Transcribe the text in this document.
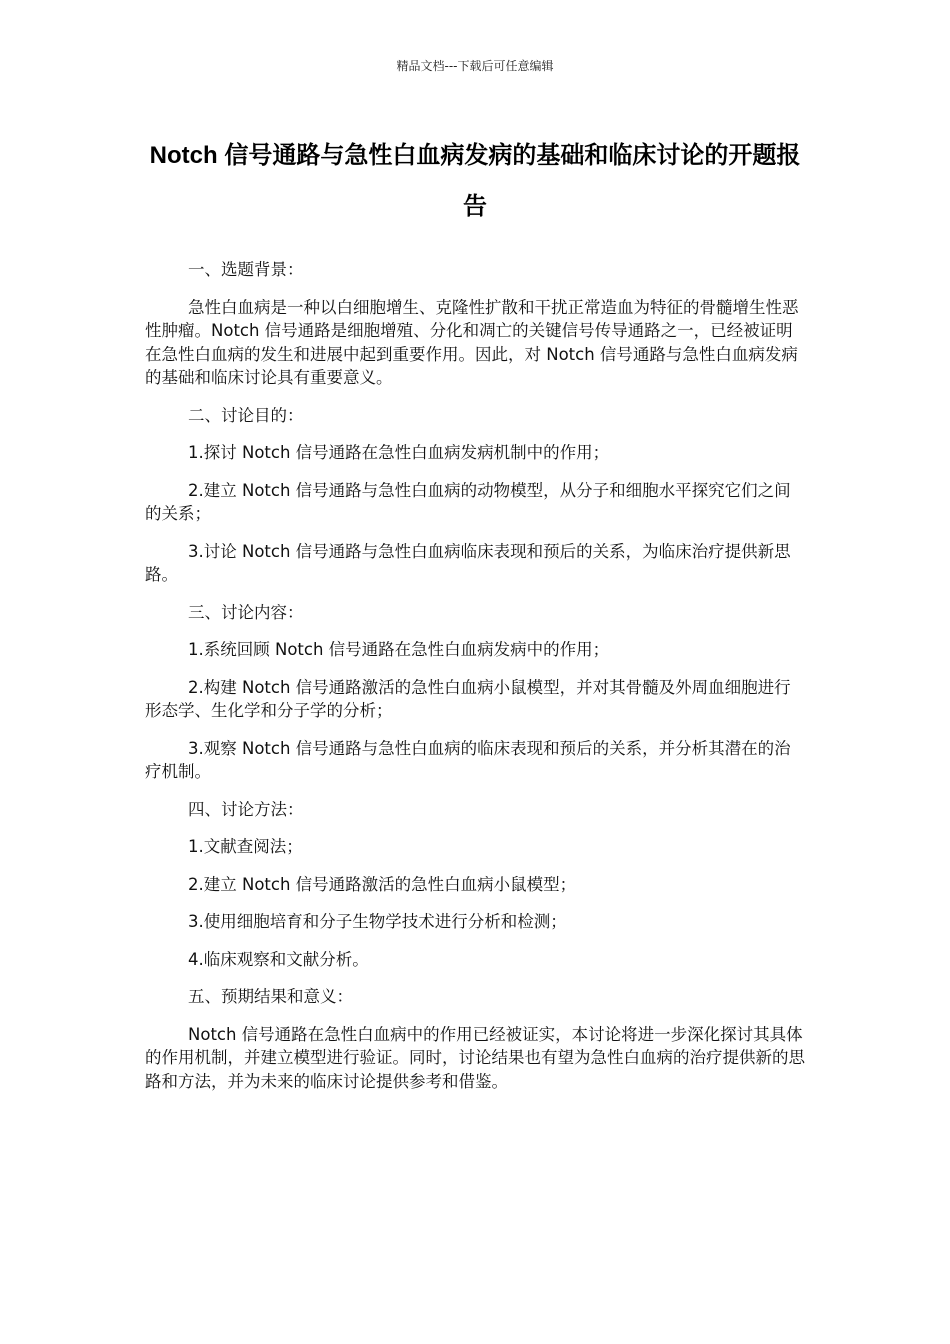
精品文档---下载后可任意编辑
Notch 信号通路与急性白血病发病的基础和临床讨论的开题报告

一、选题背景：

急性白血病是一种以白细胞增生、克隆性扩散和干扰正常造血为特征的骨髓增生性恶性肿瘤。Notch 信号通路是细胞增殖、分化和凋亡的关键信号传导通路之一，已经被证明在急性白血病的发生和进展中起到重要作用。因此，对 Notch 信号通路与急性白血病发病的基础和临床讨论具有重要意义。

二、讨论目的：

1.探讨 Notch 信号通路在急性白血病发病机制中的作用；

2.建立 Notch 信号通路与急性白血病的动物模型，从分子和细胞水平探究它们之间的关系；

3.讨论 Notch 信号通路与急性白血病临床表现和预后的关系，为临床治疗提供新思路。

三、讨论内容：

1.系统回顾 Notch 信号通路在急性白血病发病中的作用；

2.构建 Notch 信号通路激活的急性白血病小鼠模型，并对其骨髓及外周血细胞进行形态学、生化学和分子学的分析；

3.观察 Notch 信号通路与急性白血病的临床表现和预后的关系，并分析其潜在的治疗机制。

四、讨论方法：

1.文献查阅法；

2.建立 Notch 信号通路激活的急性白血病小鼠模型；

3.使用细胞培育和分子生物学技术进行分析和检测；

4.临床观察和文献分析。

五、预期结果和意义：

Notch 信号通路在急性白血病中的作用已经被证实，本讨论将进一步深化探讨其具体的作用机制，并建立模型进行验证。同时，讨论结果也有望为急性白血病的治疗提供新的思路和方法，并为未来的临床讨论提供参考和借鉴。
